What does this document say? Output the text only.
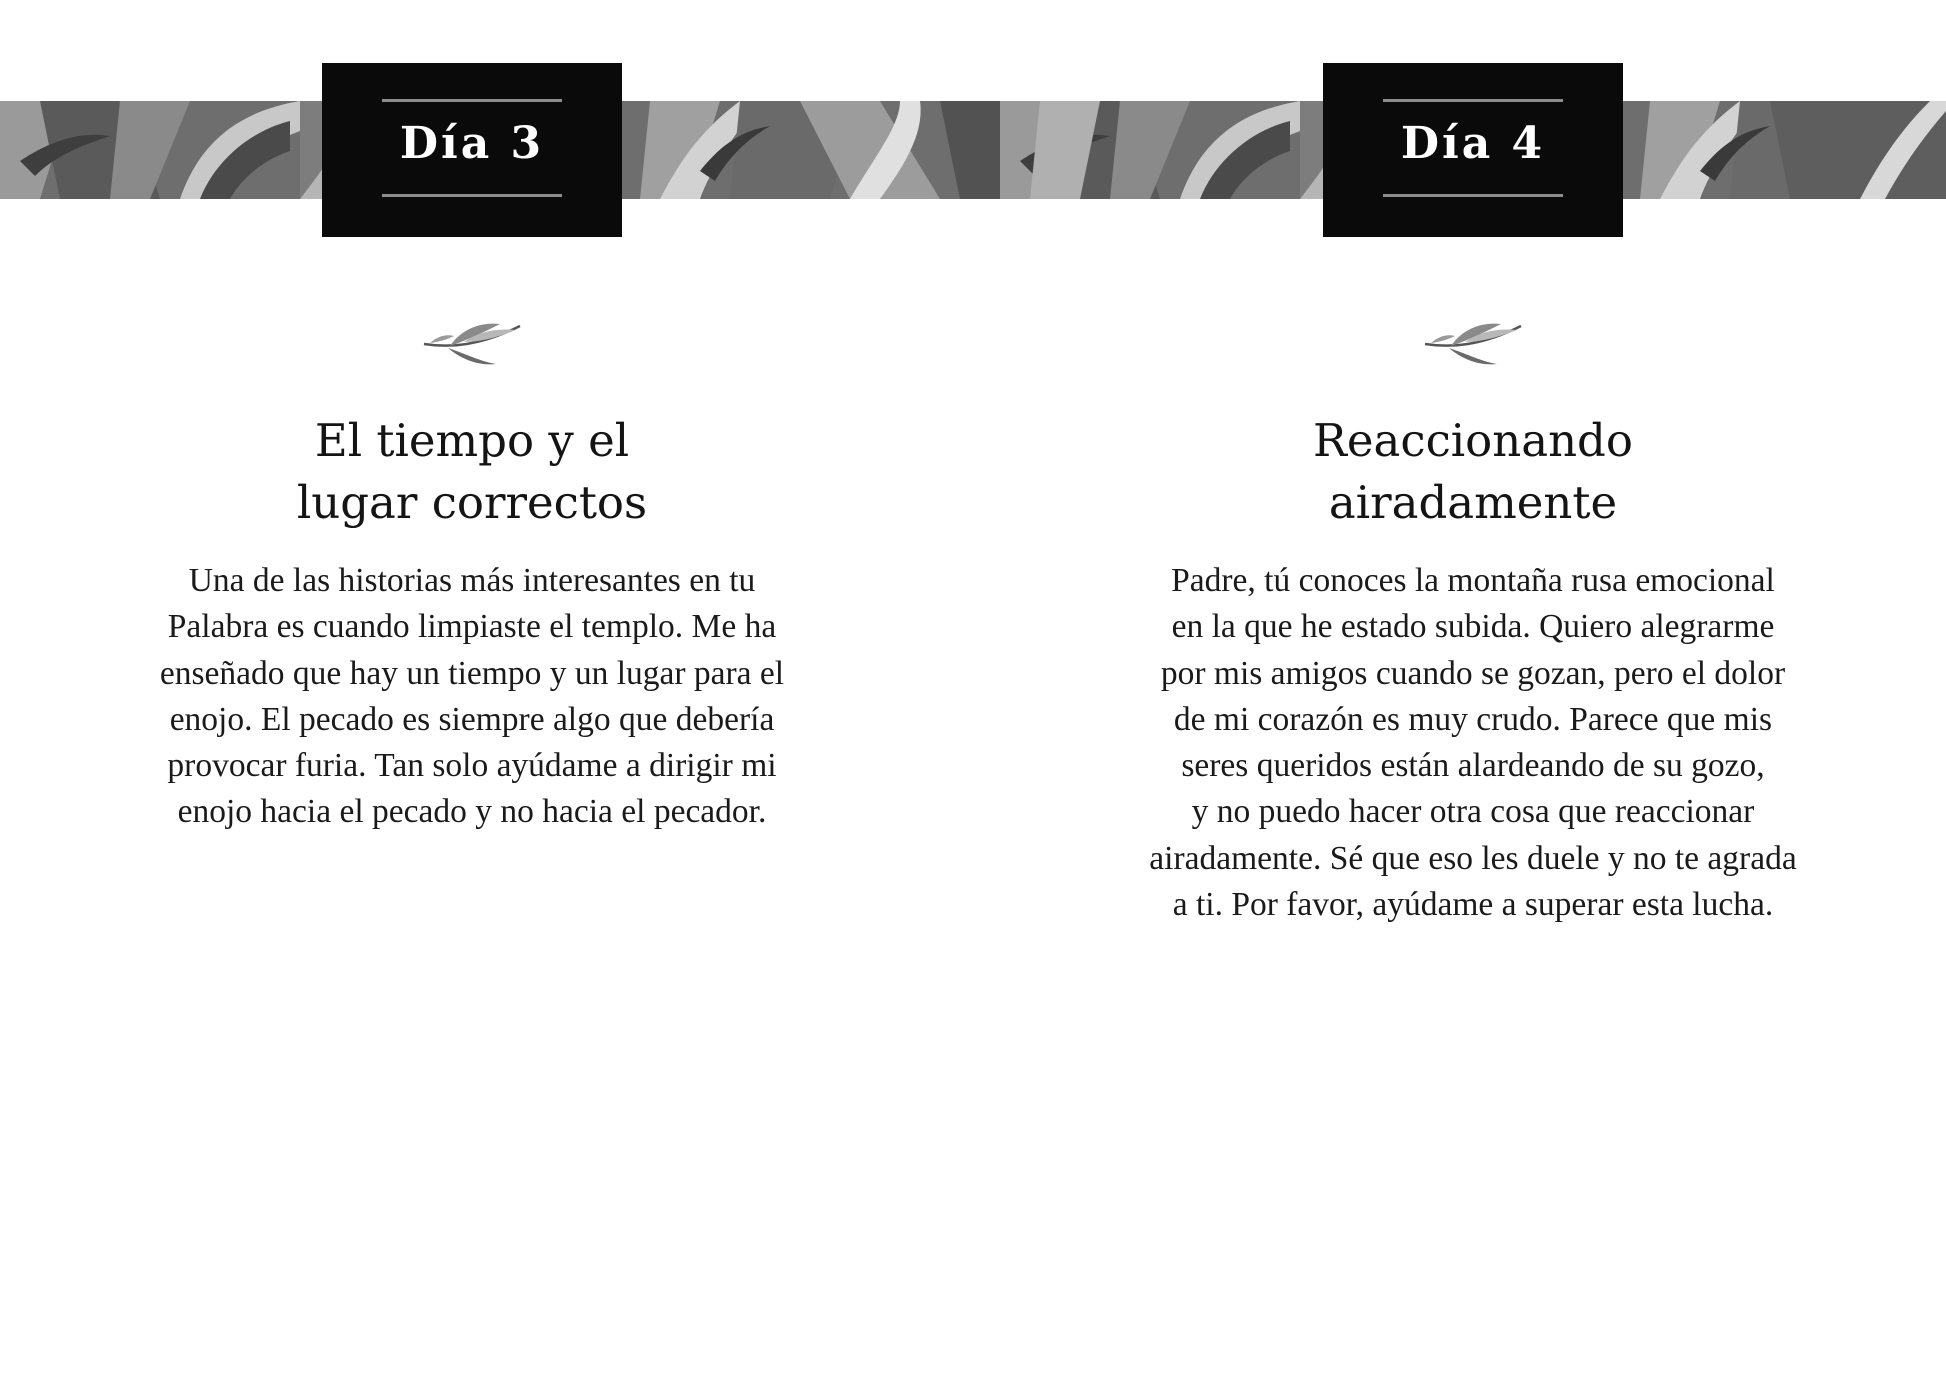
Día 3
El tiempo y el
lugar correctos
Una de las historias más interesantes en tu
Palabra es cuando limpiaste el templo. Me ha
enseñado que hay un tiempo y un lugar para el
enojo. El pecado es siempre algo que debería
provocar furia. Tan solo ayúdame a dirigir mi
enojo hacia el pecado y no hacia el pecador.
Día 4
Reaccionando
airadamente
Padre, tú conoces la montaña rusa emocional
en la que he estado subida. Quiero alegrarme
por mis amigos cuando se gozan, pero el dolor
de mi corazón es muy crudo. Parece que mis
seres queridos están alardeando de su gozo,
y no puedo hacer otra cosa que reaccionar
airadamente. Sé que eso les duele y no te agrada
a ti. Por favor, ayúdame a superar esta lucha.
